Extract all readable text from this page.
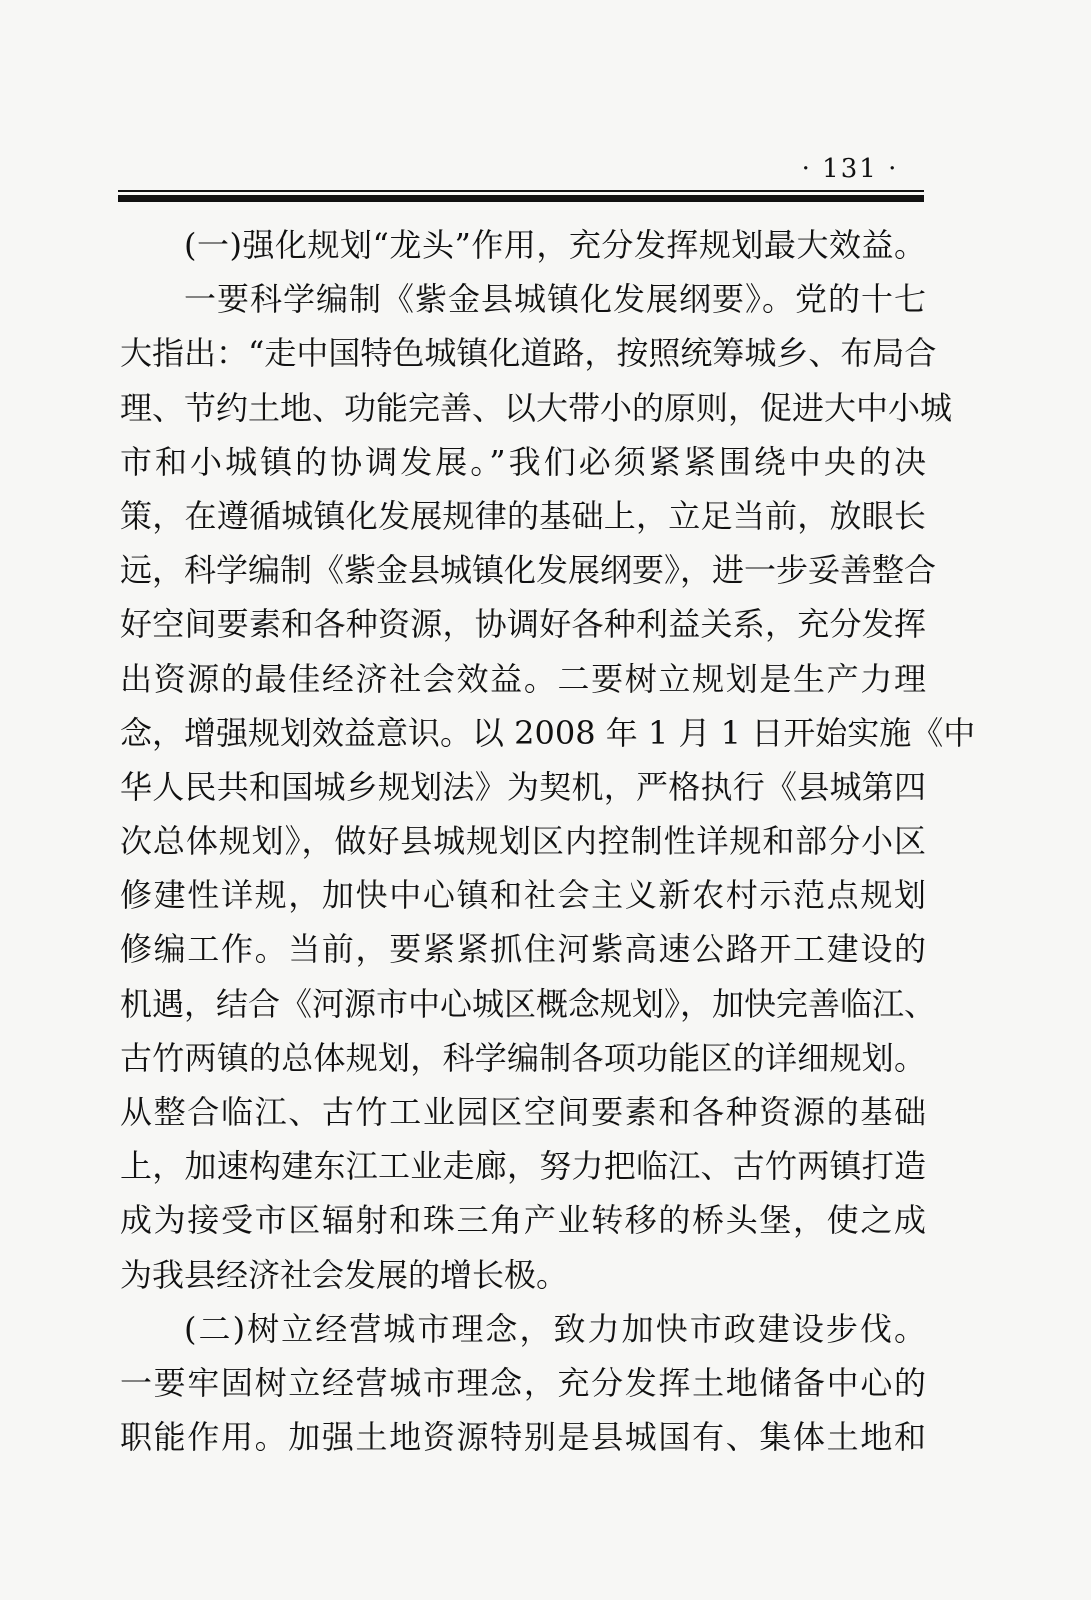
· 131 ·
(一)强化规划“龙头”作用，充分发挥规划最大效益。
一要科学编制《紫金县城镇化发展纲要》。党的十七
大指出：“走中国特色城镇化道路，按照统筹城乡、布局合
理、节约土地、功能完善、以大带小的原则，促进大中小城
市和小城镇的协调发展。”我们必须紧紧围绕中央的决
策，在遵循城镇化发展规律的基础上，立足当前，放眼长
远，科学编制《紫金县城镇化发展纲要》，进一步妥善整合
好空间要素和各种资源，协调好各种利益关系，充分发挥
出资源的最佳经济社会效益。二要树立规划是生产力理
念，增强规划效益意识。以 2008 年 1 月 1 日开始实施《中
华人民共和国城乡规划法》为契机，严格执行《县城第四
次总体规划》，做好县城规划区内控制性详规和部分小区
修建性详规，加快中心镇和社会主义新农村示范点规划
修编工作。当前，要紧紧抓住河紫高速公路开工建设的
机遇，结合《河源市中心城区概念规划》，加快完善临江、
古竹两镇的总体规划，科学编制各项功能区的详细规划。
从整合临江、古竹工业园区空间要素和各种资源的基础
上，加速构建东江工业走廊，努力把临江、古竹两镇打造
成为接受市区辐射和珠三角产业转移的桥头堡，使之成
为我县经济社会发展的增长极。
(二)树立经营城市理念，致力加快市政建设步伐。
一要牢固树立经营城市理念，充分发挥土地储备中心的
职能作用。加强土地资源特别是县城国有、集体土地和
